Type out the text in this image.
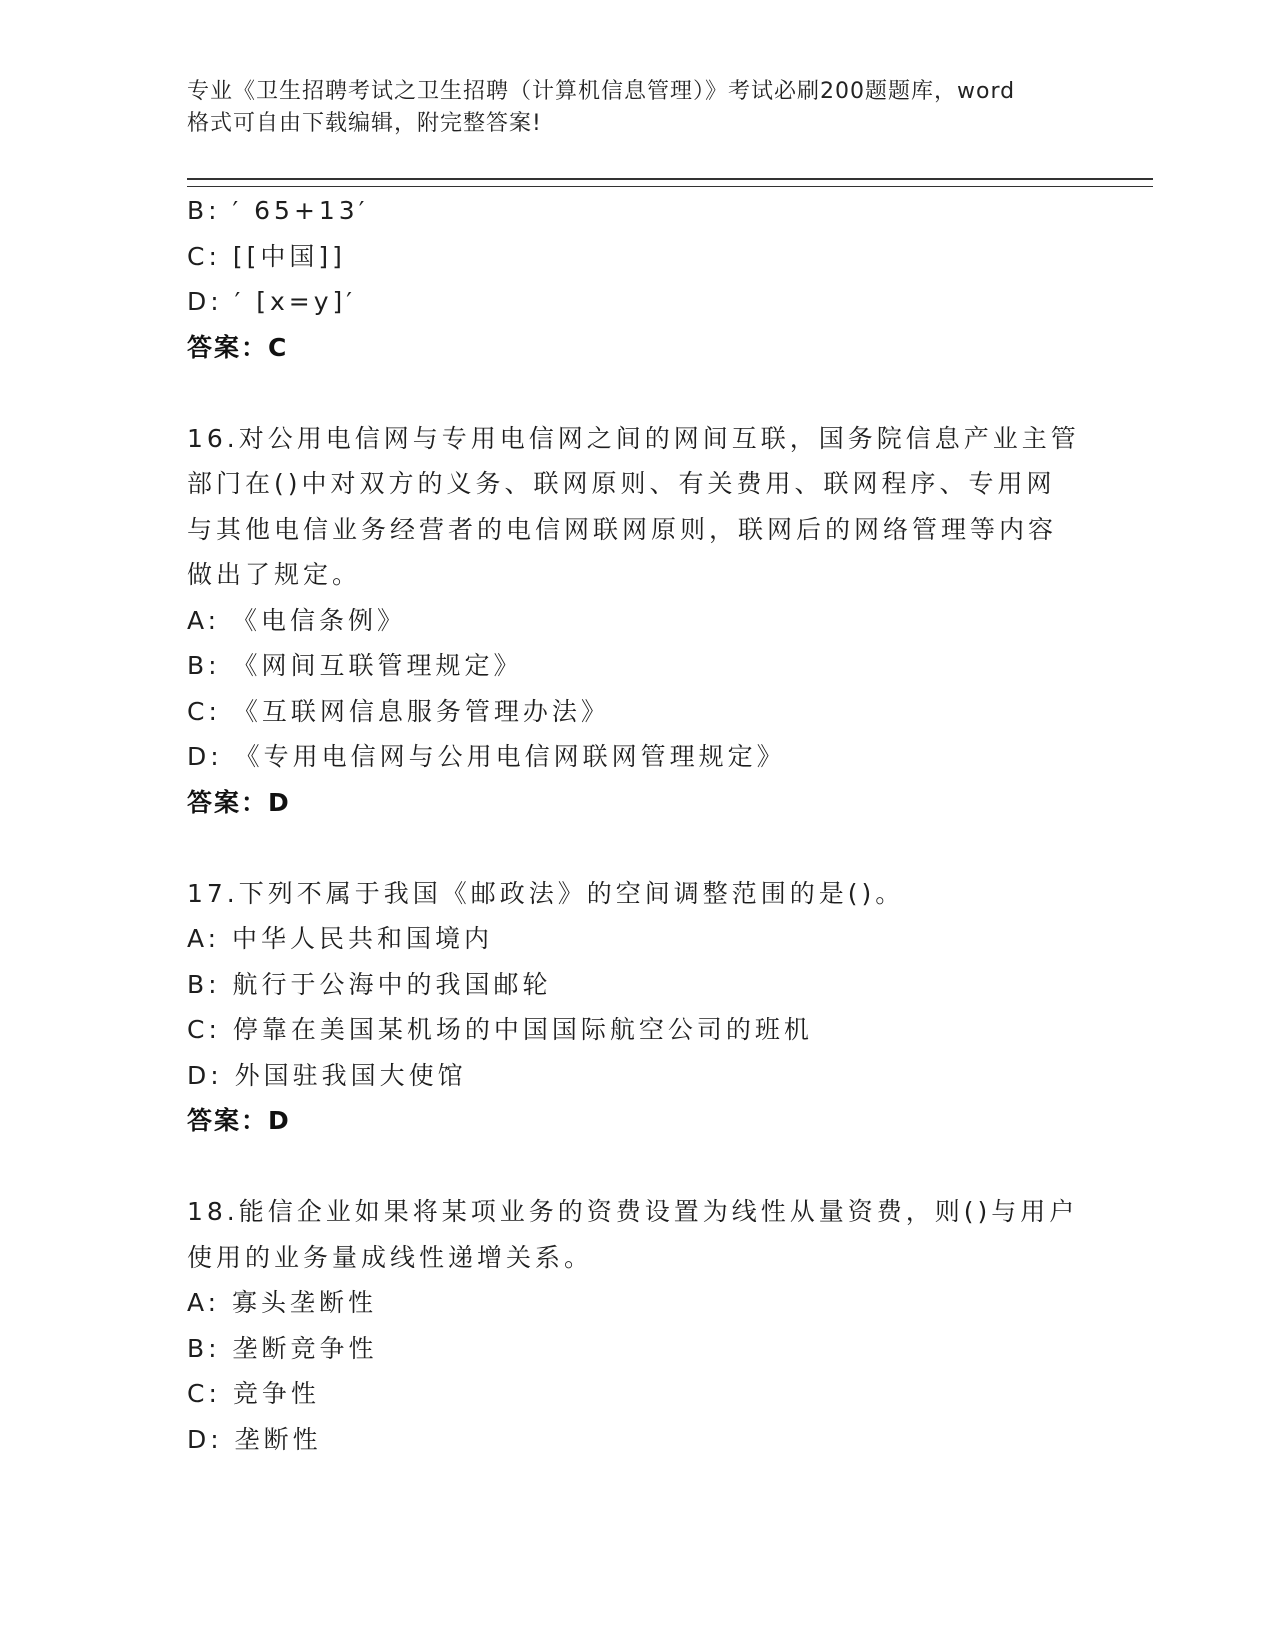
专业《卫生招聘考试之卫生招聘（计算机信息管理）》考试必刷200题题库，word
格式可自由下载编辑，附完整答案!
B: ′ 65+13′
C: [[中国]]
D: ′ [x=y]′
答案：C
16.对公用电信网与专用电信网之间的网间互联，国务院信息产业主管
部门在()中对双方的义务、联网原则、有关费用、联网程序、专用网
与其他电信业务经营者的电信网联网原则，联网后的网络管理等内容
做出了规定。
A: 《电信条例》
B: 《网间互联管理规定》
C: 《互联网信息服务管理办法》
D: 《专用电信网与公用电信网联网管理规定》
答案：D
17.下列不属于我国《邮政法》的空间调整范围的是()。
A: 中华人民共和国境内
B: 航行于公海中的我国邮轮
C: 停靠在美国某机场的中国国际航空公司的班机
D: 外国驻我国大使馆
答案：D
18.能信企业如果将某项业务的资费设置为线性从量资费，则()与用户
使用的业务量成线性递增关系。
A: 寡头垄断性
B: 垄断竞争性
C: 竞争性
D: 垄断性
